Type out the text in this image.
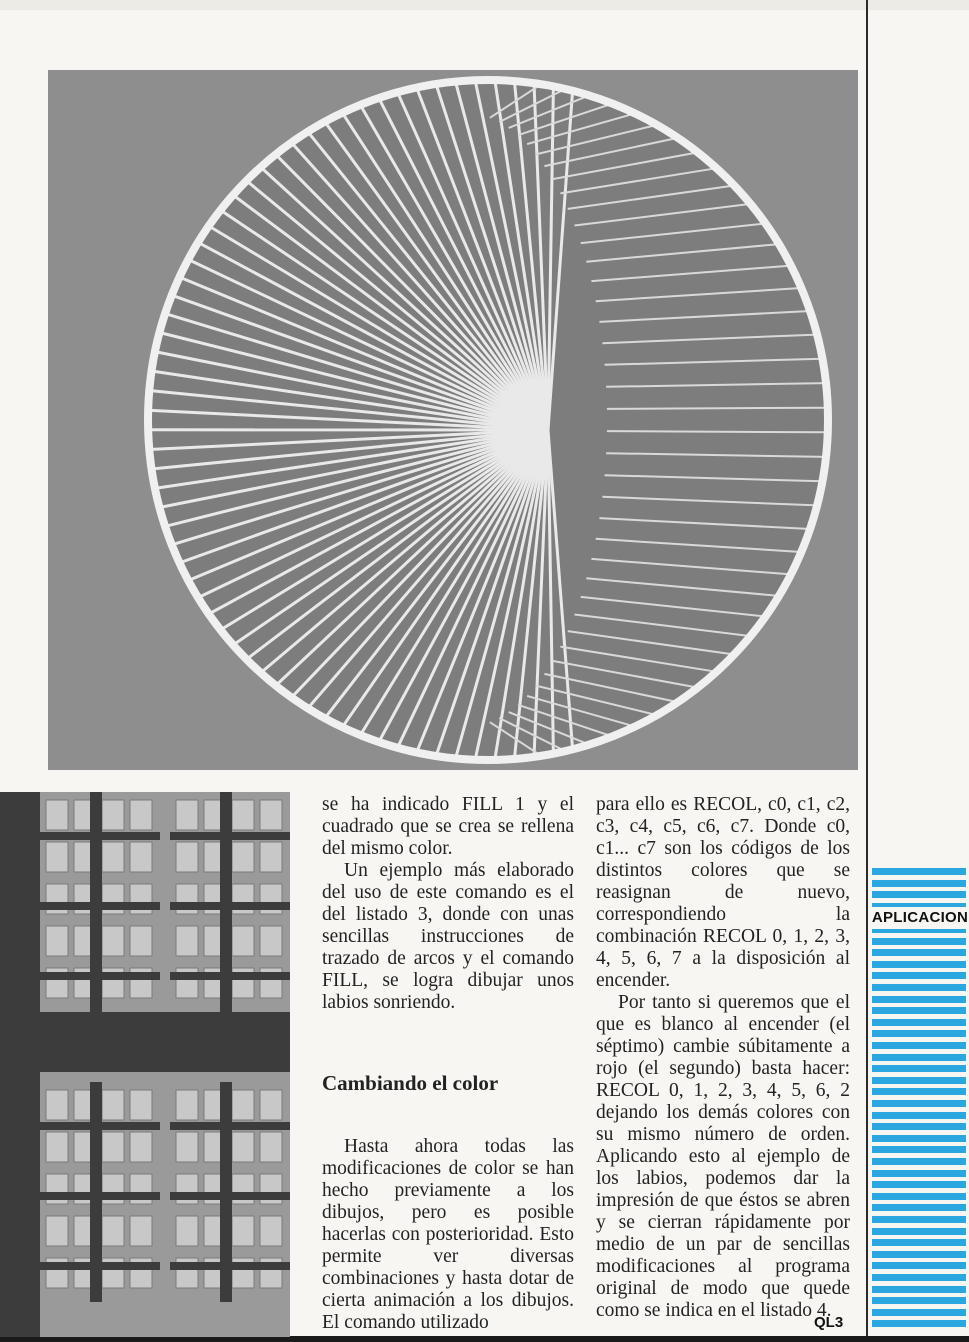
se ha indicado FILL 1 y el cuadrado que se crea se rellena del mismo color.

Un ejemplo más elaborado del uso de este comando es el del listado 3, donde con unas sencillas instrucciones de trazado de arcos y el comando FILL, se logra dibujar unos labios sonriendo.

Cambiando el color

Hasta ahora todas las modificaciones de color se han hecho previamente a los dibujos, pero es posible hacerlas con posterioridad. Esto permite ver diversas combinaciones y hasta dotar de cierta animación a los dibujos. El comando utilizado

para ello es RECOL, c0, c1, c2, c3, c4, c5, c6, c7. Donde c0, c1... c7 son los códigos de los distintos colores que se reasignan de nuevo, correspondiendo la combinación RECOL 0, 1, 2, 3, 4, 5, 6, 7 a la disposición al encender.

Por tanto si queremos que el que es blanco al encender (el séptimo) cambie súbitamente a rojo (el segundo) basta hacer: RECOL 0, 1, 2, 3, 4, 5, 6, 2 dejando los demás colores con su mismo número de orden. Aplicando esto al ejemplo de los labios, podemos dar la impresión de que éstos se abren y se cierran rápidamente por medio de un par de sencillas modificaciones al programa original de modo que quede como se indica en el listado 4.

APLICACION
QL3
